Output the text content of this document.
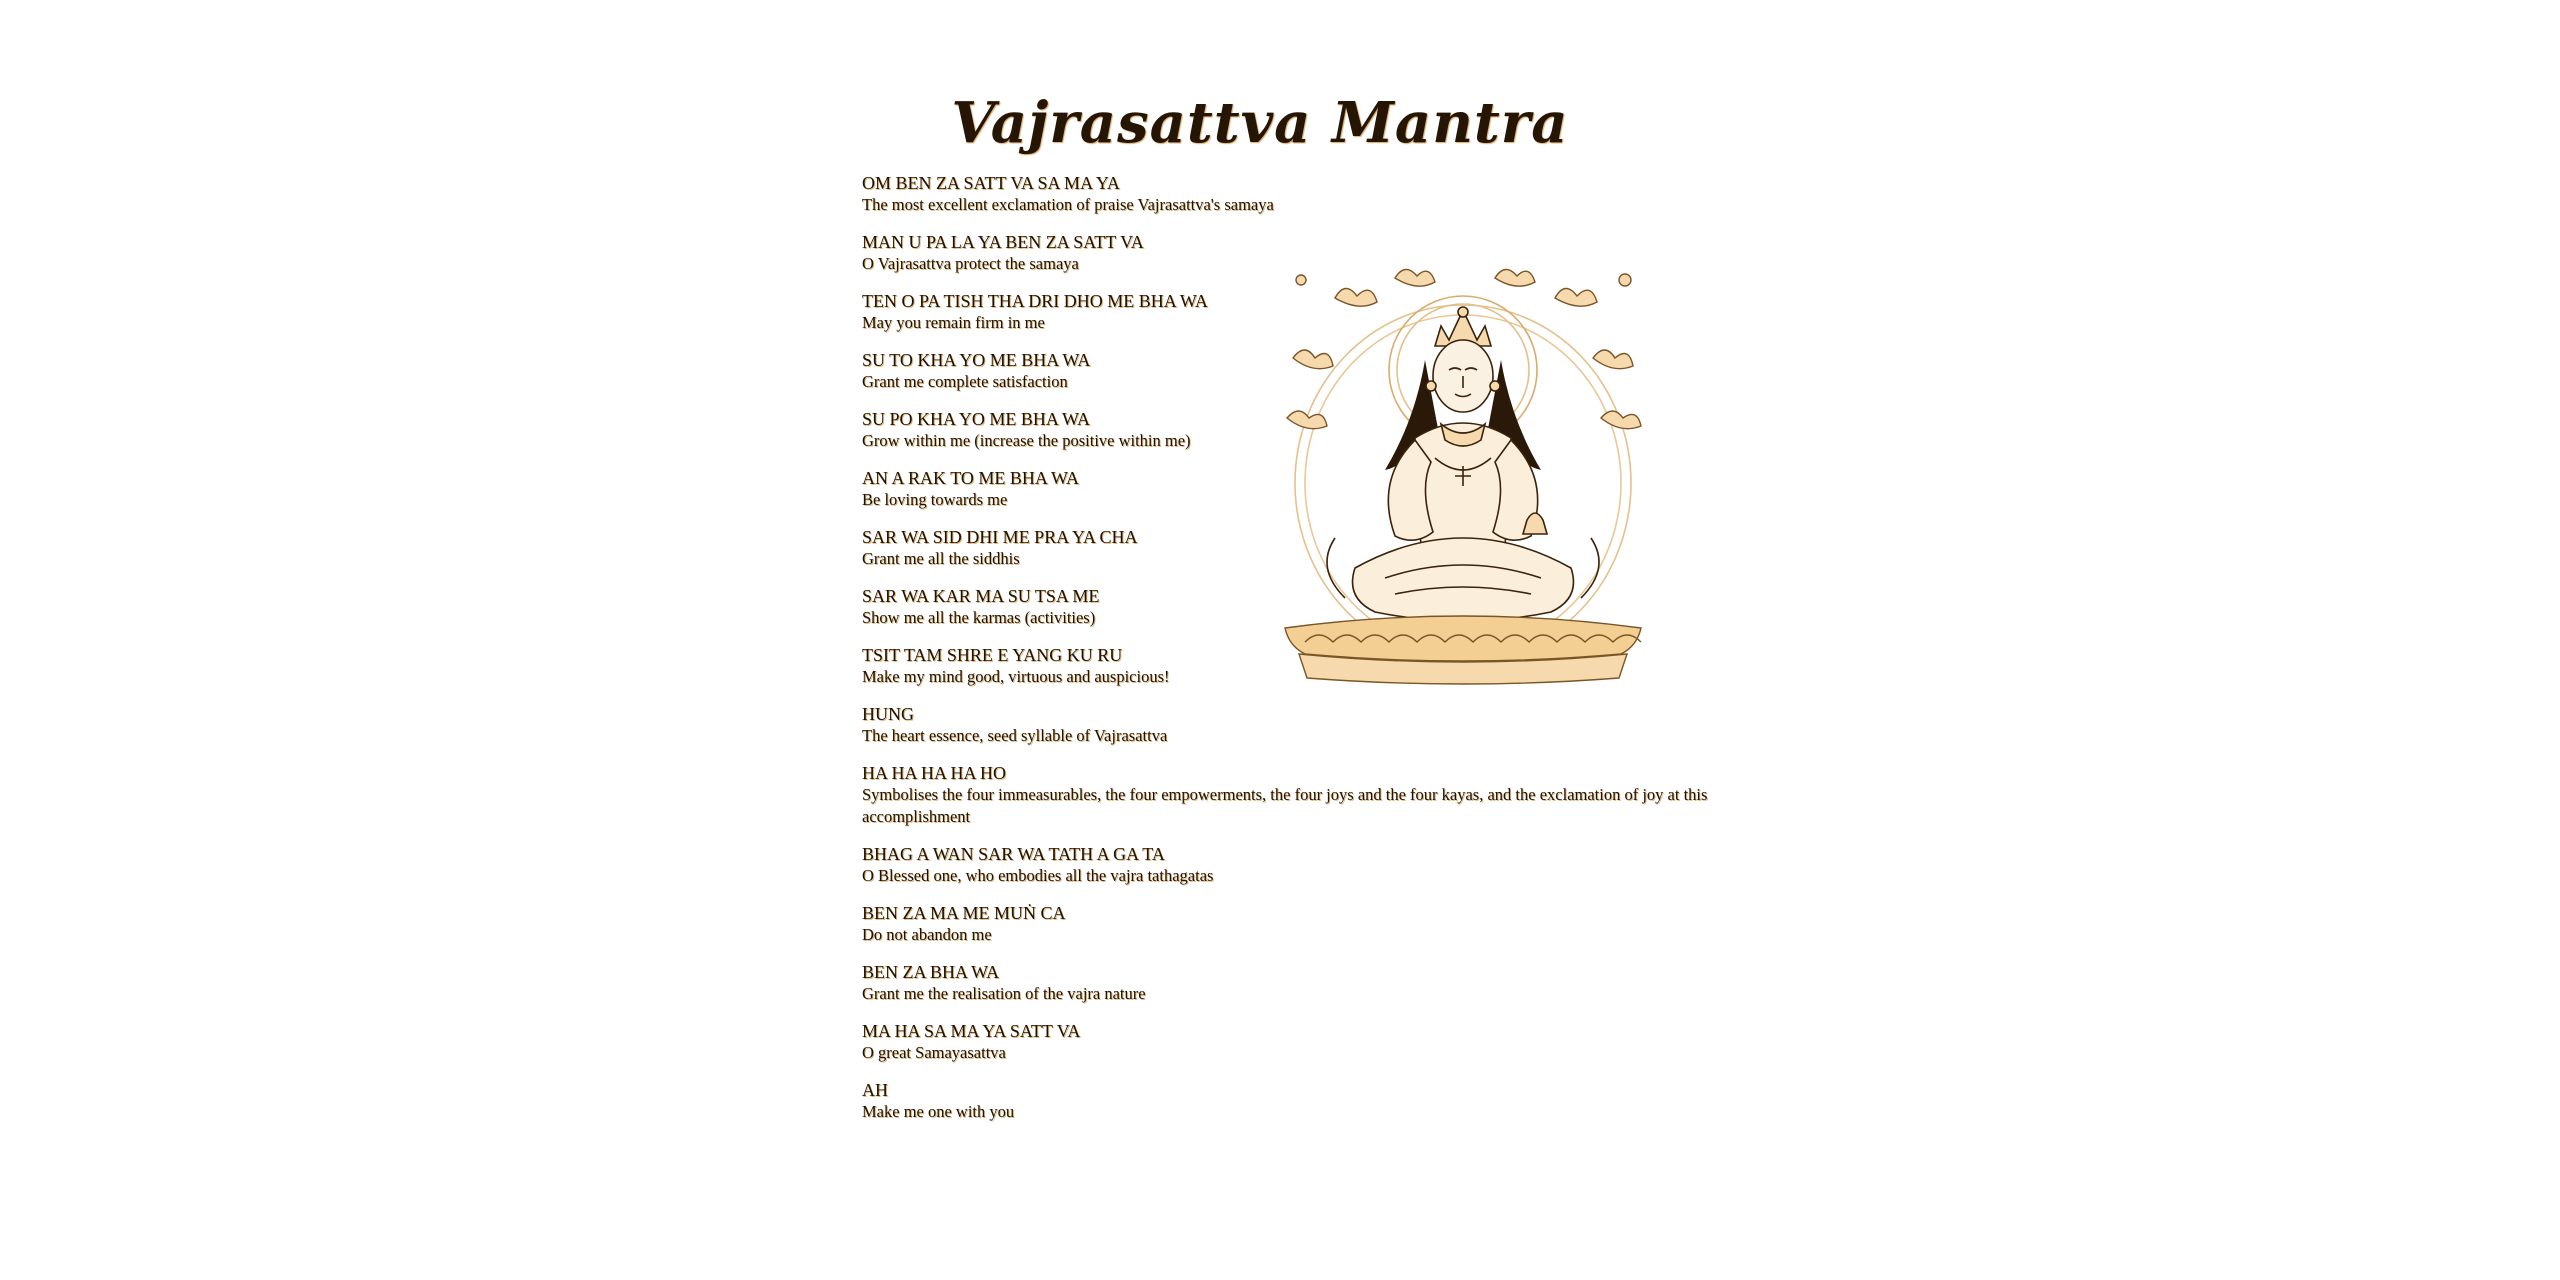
Vajrasattva Mantra
OM BEN ZA SATT VA SA MA YA
The most excellent exclamation of praise Vajrasattva's samaya
MAN U PA LA YA BEN ZA SATT VA
O Vajrasattva protect the samaya
TEN O PA TISH THA DRI DHO ME BHA WA
May you remain firm in me
SU TO KHA YO ME BHA WA
Grant me complete satisfaction
SU PO KHA YO ME BHA WA
Grow within me (increase the positive within me)
AN A RAK TO ME BHA WA
Be loving towards me
SAR WA SID DHI ME PRA YA CHA
Grant me all the siddhis
SAR WA KAR MA SU TSA ME
Show me all the karmas (activities)
TSIT TAM SHRE E YANG KU RU
Make my mind good, virtuous and auspicious!
HUNG
The heart essence, seed syllable of Vajrasattva
HA HA HA HA HO
Symbolises the four immeasurables, the four empowerments, the four joys and the four kayas, and the exclamation of joy at this accomplishment
BHAG A WAN SAR WA TATH A GA TA
O Blessed one, who embodies all the vajra tathagatas
BEN ZA MA ME MUṄ CA
Do not abandon me
BEN ZA BHA WA
Grant me the realisation of the vajra nature
MA HA SA MA YA SATT VA
O great Samayasattva
AH
Make me one with you
